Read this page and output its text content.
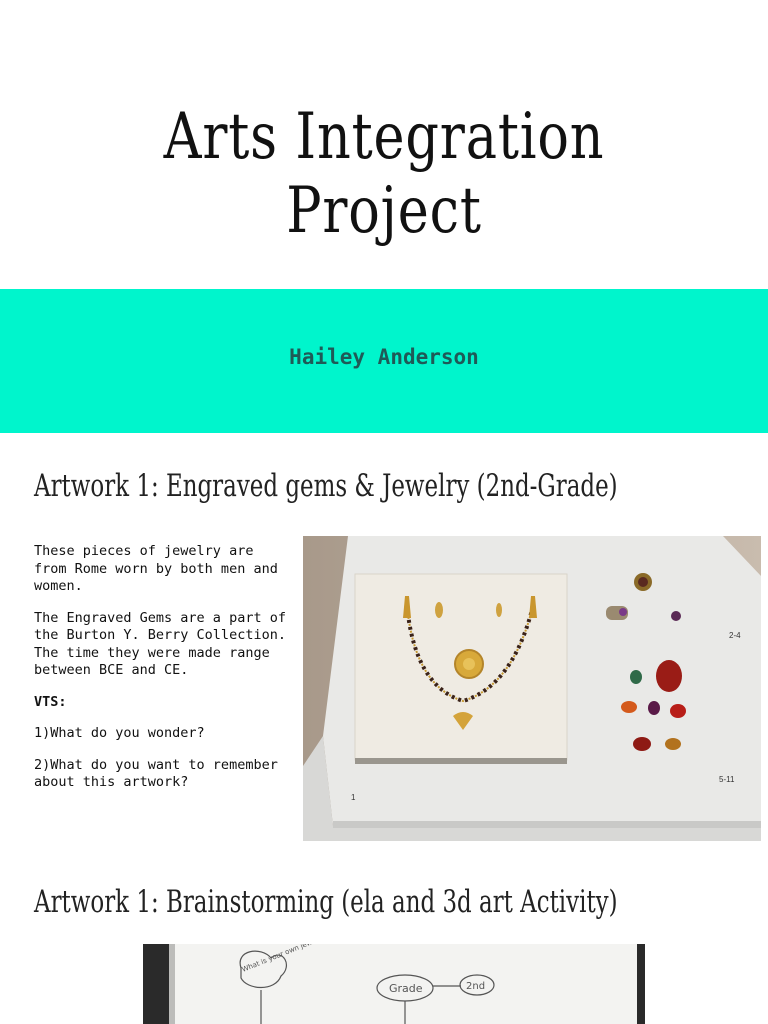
Arts Integration Project
Hailey Anderson
Artwork 1: Engraved gems & Jewelry (2nd-Grade)

These pieces of jewelry are from Rome worn by both men and women.

The Engraved Gems are a part of the Burton Y. Berry Collection. The time they were made range between BCE and CE.

VTS:

1)What do you wonder?

2)What do you want to remember about this artwork?

2-4
5-11
1
Artwork 1: Brainstorming (ela and 3d art Activity)
Grade	2nd
